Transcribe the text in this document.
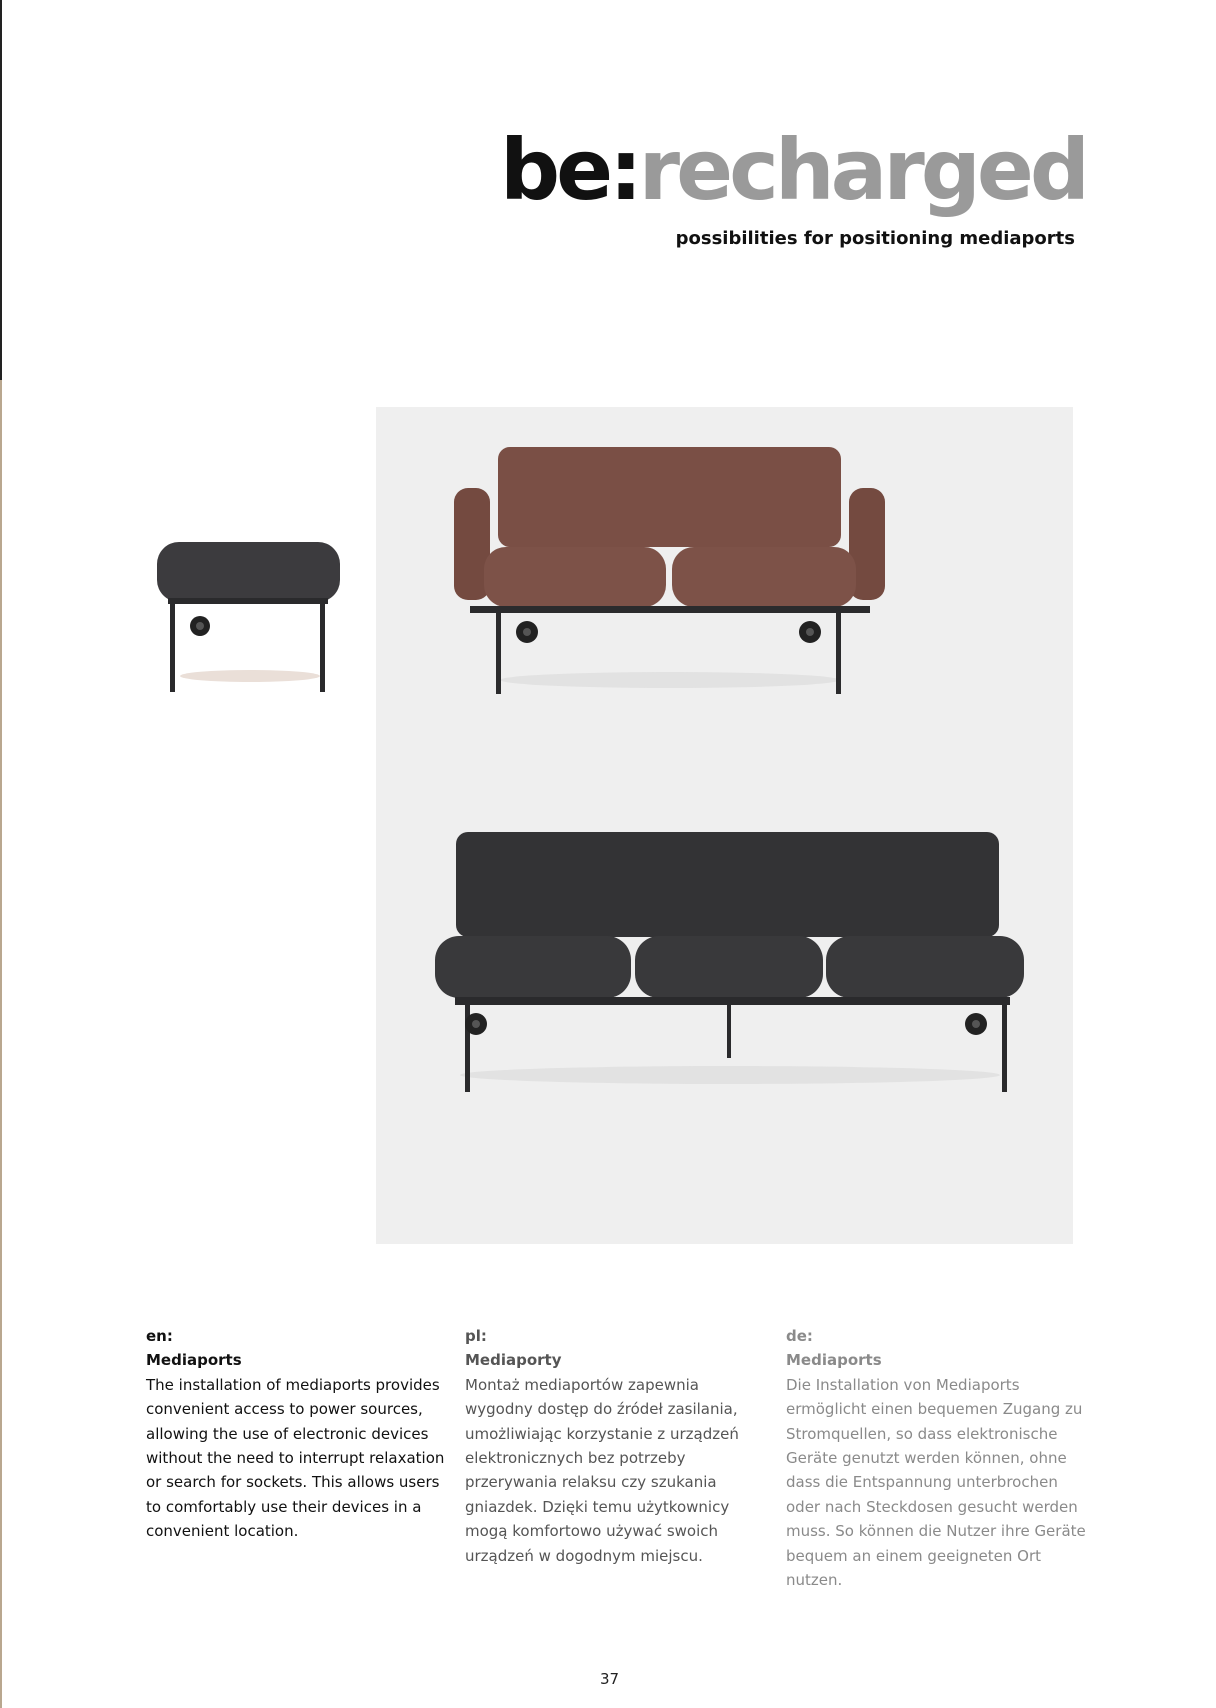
be:recharged
possibilities for positioning mediaports

en:

Mediaports

The installation of mediaports provides convenient access to power sources, allowing the use of electronic devices without the need to interrupt relaxation or search for sockets. This allows users to comfortably use their devices in a convenient location.

pl:

Mediaporty

Montaż mediaportów zapewnia wygodny dostęp do źródeł zasilania, umożliwiając korzystanie z urządzeń elektronicznych bez potrzeby przerywania relaksu czy szukania gniazdek. Dzięki temu użytkownicy mogą komfortowo używać swoich urządzeń w dogodnym miejscu.

de:

Mediaports

Die Installation von Mediaports ermöglicht einen bequemen Zugang zu Stromquellen, so dass elektronische Geräte genutzt werden können, ohne dass die Entspannung unterbrochen oder nach Steckdosen gesucht werden muss. So können die Nutzer ihre Geräte bequem an einem geeigneten Ort nutzen.

37
